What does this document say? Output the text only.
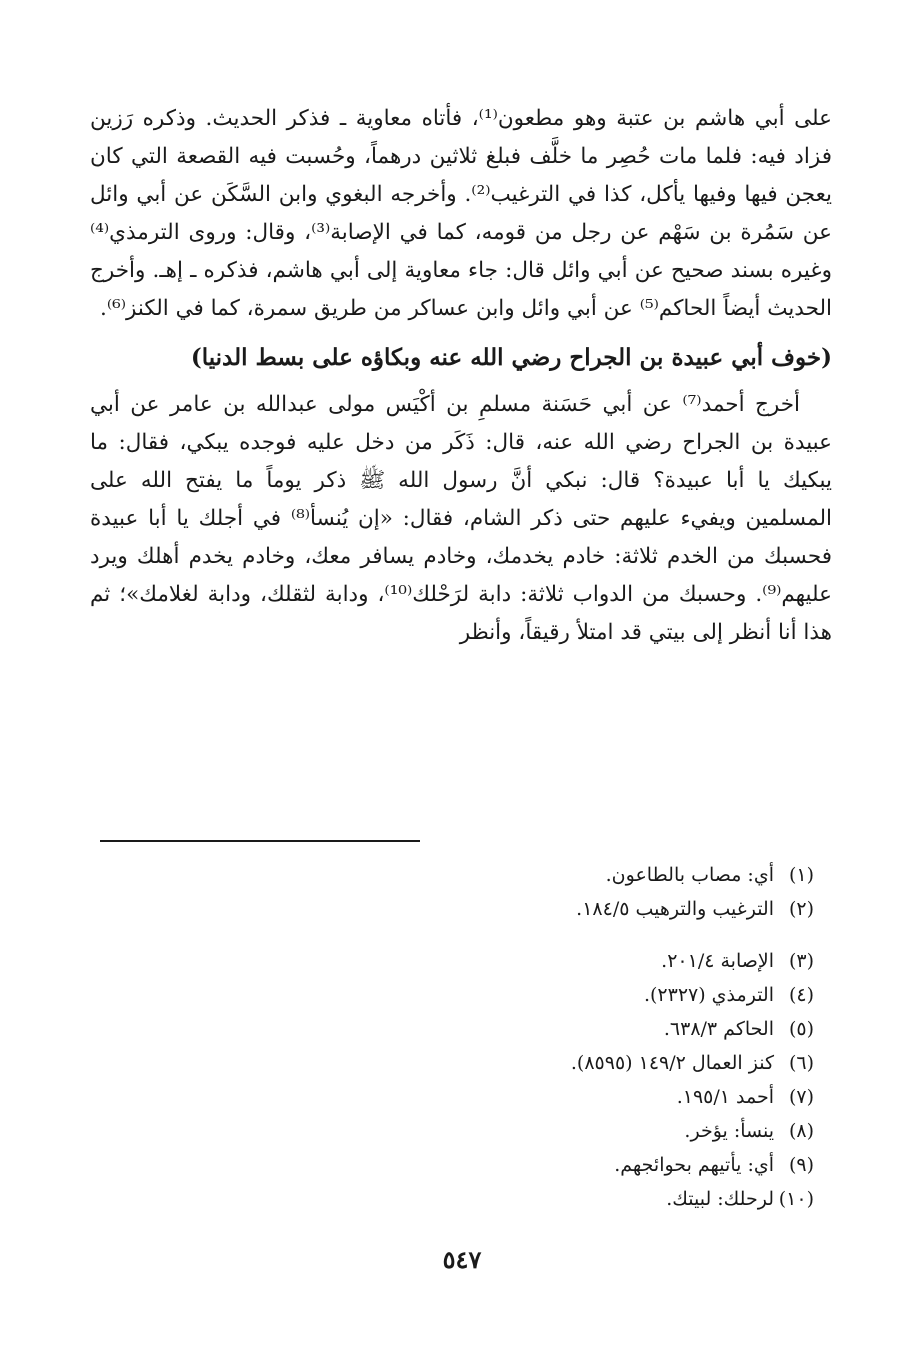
على أبي هاشم بن عتبة وهو مطعون⁽¹⁾، فأتاه معاوية ـ فذكر الحديث. وذكره رَزين فزاد فيه: فلما مات حُصِر ما خلَّف فبلغ ثلاثين درهماً، وحُسبت فيه القصعة التي كان يعجن فيها وفيها يأكل، كذا في الترغيب⁽²⁾. وأخرجه البغوي وابن السَّكَن عن أبي وائل عن سَمُرة بن سَهْم عن رجل من قومه، كما في الإصابة⁽³⁾، وقال: وروى الترمذي⁽⁴⁾ وغيره بسند صحيح عن أبي وائل قال: جاء معاوية إلى أبي هاشم، فذكره ـ إهـ. وأخرج الحديث أيضاً الحاكم⁽⁵⁾ عن أبي وائل وابن عساكر من طريق سمرة، كما في الكنز⁽⁶⁾.

(خوف أبي عبيدة بن الجراح رضي الله عنه وبكاؤه على بسط الدنيا)

أخرج أحمد⁽⁷⁾ عن أبي حَسَنة مسلمِ بن أكْيَس مولى عبدالله بن عامر عن أبي عبيدة بن الجراح رضي الله عنه، قال: ذَكَر من دخل عليه فوجده يبكي، فقال: ما يبكيك يا أبا عبيدة؟ قال: نبكي أنَّ رسول الله ﷺ ذكر يوماً ما يفتح الله على المسلمين ويفيء عليهم حتى ذكر الشام، فقال: «إن يُنسأ⁽⁸⁾ في أجلك يا أبا عبيدة فحسبك من الخدم ثلاثة: خادم يخدمك، وخادم يسافر معك، وخادم يخدم أهلك ويرد عليهم⁽⁹⁾. وحسبك من الدواب ثلاثة: دابة لرَحْلك⁽¹⁰⁾، ودابة لثقلك، ودابة لغلامك»؛ ثم هذا أنا أنظر إلى بيتي قد امتلأ رقيقاً، وأنظر

(١)
أي: مصاب بالطاعون.
(٢)
الترغيب والترهيب ١٨٤/٥.
(٣)
الإصابة ٢٠١/٤.
(٤)
الترمذي (٢٣٢٧).
(٥)
الحاكم ٦٣٨/٣.
(٦)
كنز العمال ١٤٩/٢ (٨٥٩٥).
(٧)
أحمد ١٩٥/١.
(٨)
ينسأ: يؤخر.
(٩)
أي: يأتيهم بحوائجهم.
(١٠)
لرحلك: لبيتك.
٥٤٧
